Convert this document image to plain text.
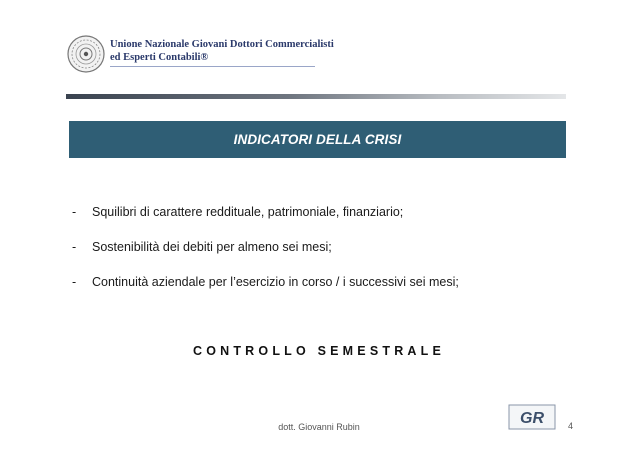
Unione Nazionale Giovani Dottori Commercialisti
ed Esperti Contabili®
INDICATORI DELLA CRISI
-	Squilibri di carattere reddituale, patrimoniale, finanziario;
-	Sostenibilità dei debiti per almeno sei mesi;
-	Continuità aziendale per l’esercizio in corso / i successivi sei mesi;
CONTROLLO SEMESTRALE
dott. Giovanni Rubin	GR	4
